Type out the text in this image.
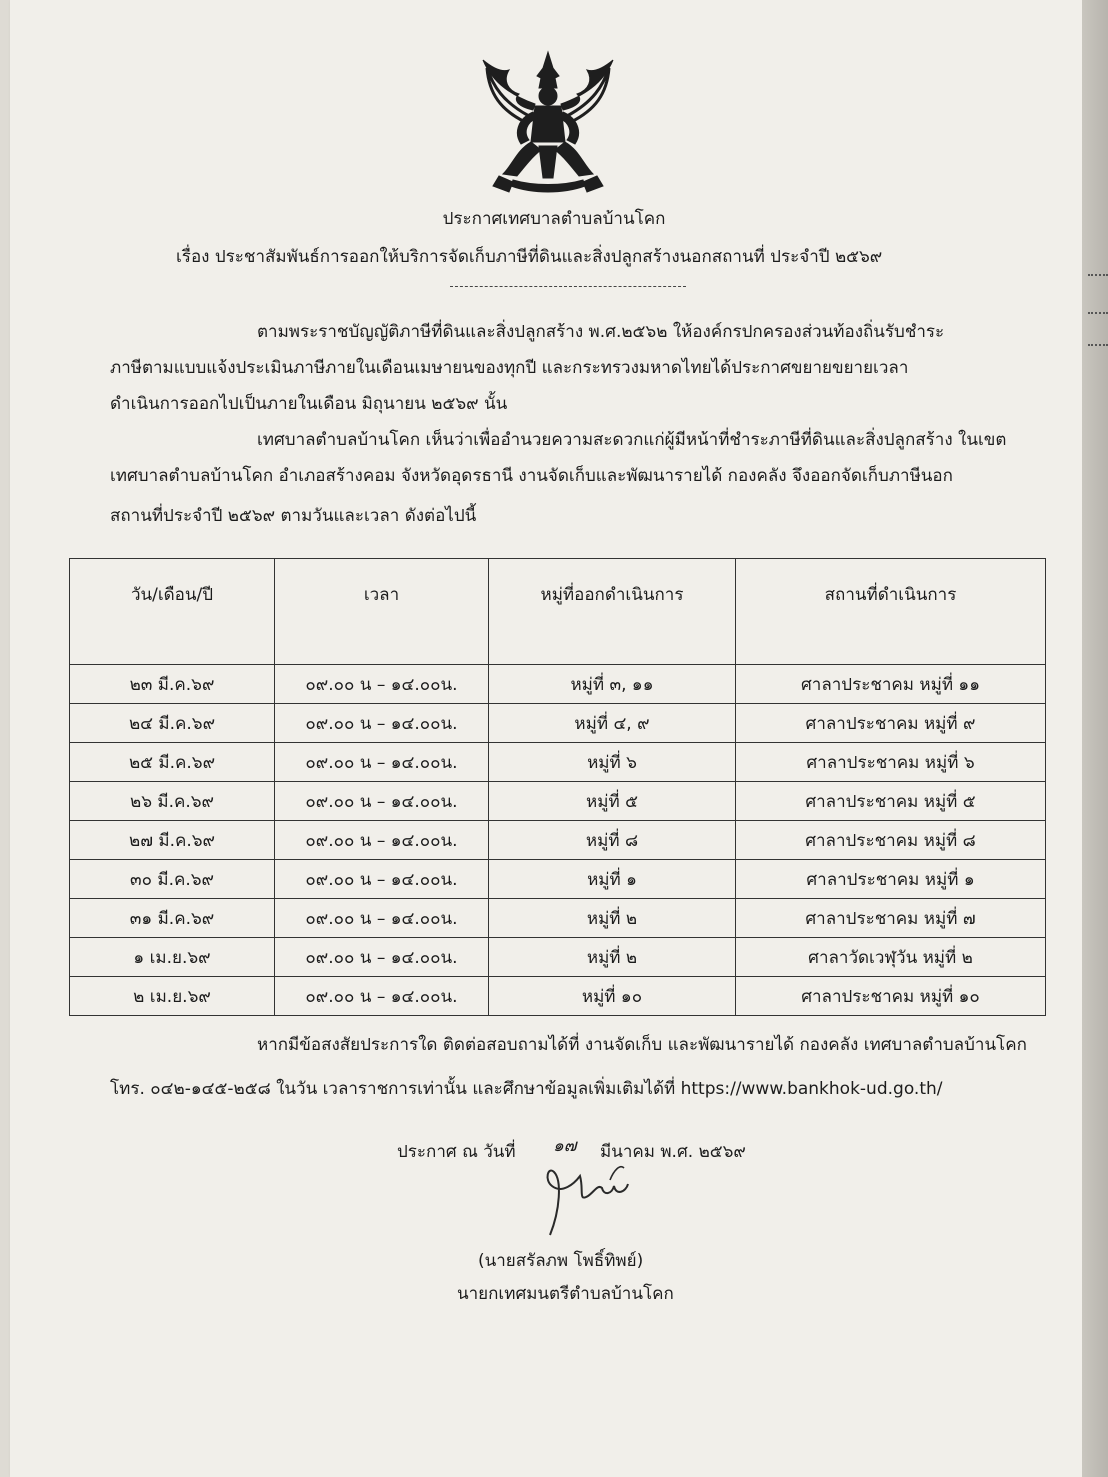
ประกาศเทศบาลตำบลบ้านโคก
เรื่อง ประชาสัมพันธ์การออกให้บริการจัดเก็บภาษีที่ดินและสิ่งปลูกสร้างนอกสถานที่ ประจำปี ๒๕๖๙
ตามพระราชบัญญัติภาษีที่ดินและสิ่งปลูกสร้าง พ.ศ.๒๕๖๒ ให้องค์กรปกครองส่วนท้องถิ่นรับชำระ
ภาษีตามแบบแจ้งประเมินภาษีภายในเดือนเมษายนของทุกปี และกระทรวงมหาดไทยได้ประกาศขยายขยายเวลา
ดำเนินการออกไปเป็นภายในเดือน มิถุนายน ๒๕๖๙ นั้น
เทศบาลตำบลบ้านโคก เห็นว่าเพื่ออำนวยความสะดวกแก่ผู้มีหน้าที่ชำระภาษีที่ดินและสิ่งปลูกสร้าง ในเขต
เทศบาลตำบลบ้านโคก อำเภอสร้างคอม จังหวัดอุดรธานี งานจัดเก็บและพัฒนารายได้ กองคลัง จึงออกจัดเก็บภาษีนอก
สถานที่ประจำปี ๒๕๖๙ ตามวันและเวลา ดังต่อไปนี้
วัน/เดือน/ปี	เวลา	หมู่ที่ออกดำเนินการ	สถานที่ดำเนินการ
๒๓ มี.ค.๖๙	๐๙.๐๐ น – ๑๔.๐๐น.	หมู่ที่ ๓, ๑๑	ศาลาประชาคม หมู่ที่ ๑๑
๒๔ มี.ค.๖๙	๐๙.๐๐ น – ๑๔.๐๐น.	หมู่ที่ ๔, ๙	ศาลาประชาคม หมู่ที่ ๙
๒๕ มี.ค.๖๙	๐๙.๐๐ น – ๑๔.๐๐น.	หมู่ที่ ๖	ศาลาประชาคม หมู่ที่ ๖
๒๖ มี.ค.๖๙	๐๙.๐๐ น – ๑๔.๐๐น.	หมู่ที่ ๕	ศาลาประชาคม หมู่ที่ ๕
๒๗ มี.ค.๖๙	๐๙.๐๐ น – ๑๔.๐๐น.	หมู่ที่ ๘	ศาลาประชาคม หมู่ที่ ๘
๓๐ มี.ค.๖๙	๐๙.๐๐ น – ๑๔.๐๐น.	หมู่ที่ ๑	ศาลาประชาคม หมู่ที่ ๑
๓๑ มี.ค.๖๙	๐๙.๐๐ น – ๑๔.๐๐น.	หมู่ที่ ๒	ศาลาประชาคม หมู่ที่ ๗
๑ เม.ย.๖๙	๐๙.๐๐ น – ๑๔.๐๐น.	หมู่ที่ ๒	ศาลาวัดเวฬุวัน หมู่ที่ ๒
๒ เม.ย.๖๙	๐๙.๐๐ น – ๑๔.๐๐น.	หมู่ที่ ๑๐	ศาลาประชาคม หมู่ที่ ๑๐
หากมีข้อสงสัยประการใด ติดต่อสอบถามได้ที่ งานจัดเก็บ และพัฒนารายได้ กองคลัง เทศบาลตำบลบ้านโคก
โทร. ๐๔๒-๑๔๕-๒๕๘ ในวัน เวลาราชการเท่านั้น และศึกษาข้อมูลเพิ่มเติมได้ที่ https://www.bankhok-ud.go.th/
ประกาศ ณ วันที่ ๑๗ มีนาคม พ.ศ. ๒๕๖๙
(นายสรัลภพ โพธิ์ทิพย์)
นายกเทศมนตรีตำบลบ้านโคก
